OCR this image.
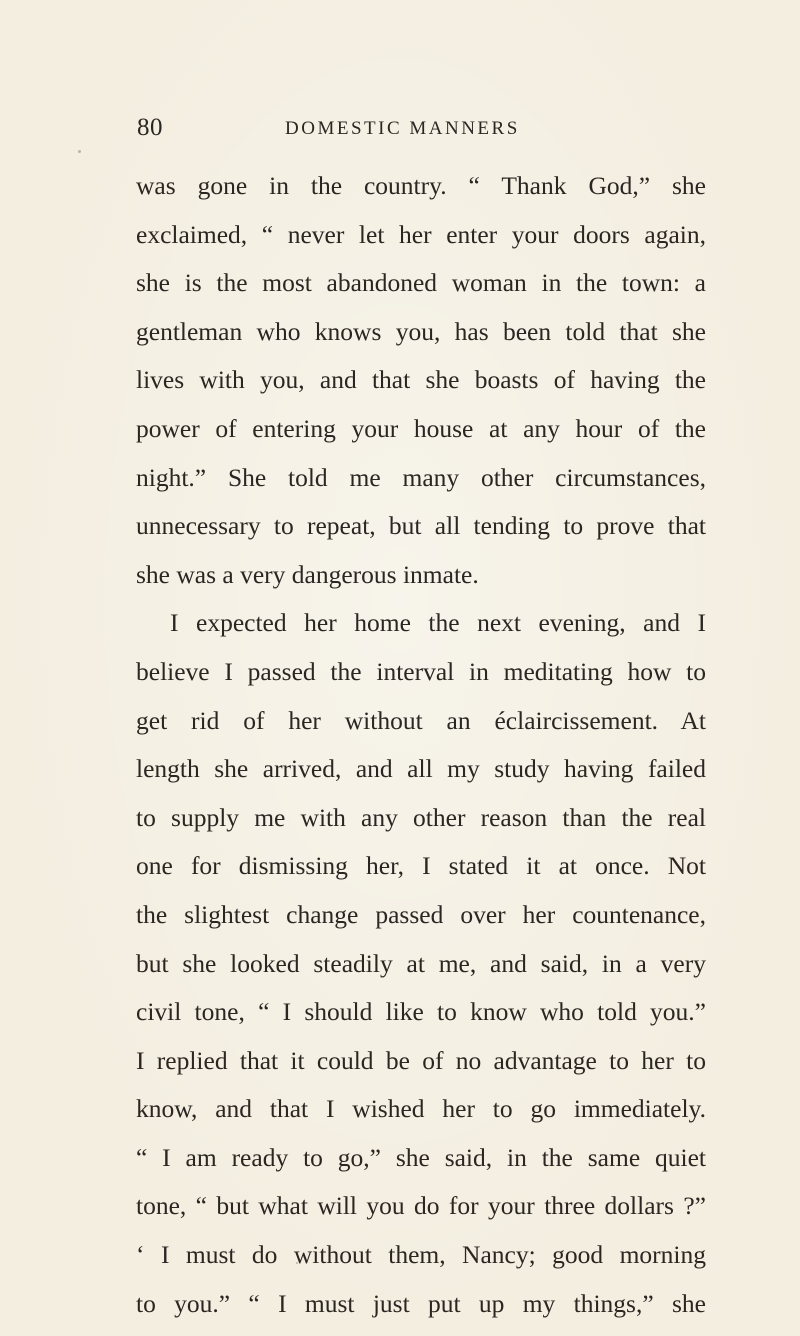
80	DOMESTIC MANNERS
was gone in the country. “ Thank God,” she
exclaimed, “ never let her enter your doors again,
she is the most abandoned woman in the town: a
gentleman who knows you, has been told that she
lives with you, and that she boasts of having the
power of entering your house at any hour of the
night.” She told me many other circumstances,
unnecessary to repeat, but all tending to prove that
she was a very dangerous inmate.
I expected her home the next evening, and I
believe I passed the interval in meditating how to
get rid of her without an éclaircissement. At
length she arrived, and all my study having failed
to supply me with any other reason than the real
one for dismissing her, I stated it at once. Not
the slightest change passed over her countenance,
but she looked steadily at me, and said, in a very
civil tone, “ I should like to know who told you.”
I replied that it could be of no advantage to her to
know, and that I wished her to go immediately.
“ I am ready to go,” she said, in the same quiet
tone, “ but what will you do for your three dollars ?”
‘ I must do without them, Nancy; good morning
to you.” “ I must just put up my things,” she
